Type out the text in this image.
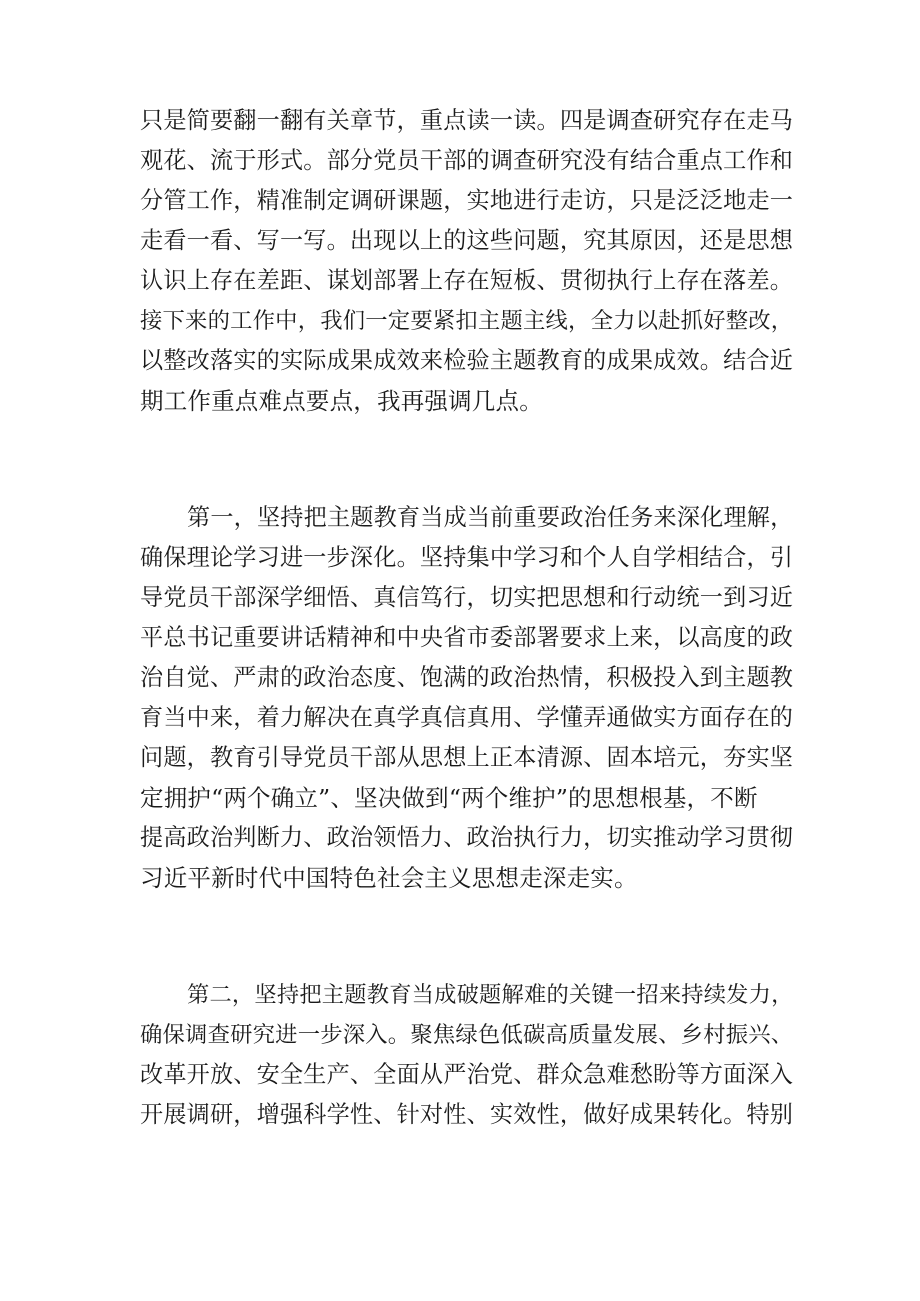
只是简要翻一翻有关章节，重点读一读。四是调查研究存在走马
观花、流于形式。部分党员干部的调查研究没有结合重点工作和
分管工作，精准制定调研课题，实地进行走访，只是泛泛地走一
走看一看、写一写。出现以上的这些问题，究其原因，还是思想
认识上存在差距、谋划部署上存在短板、贯彻执行上存在落差。
接下来的工作中，我们一定要紧扣主题主线，全力以赴抓好整改，
以整改落实的实际成果成效来检验主题教育的成果成效。结合近
期工作重点难点要点，我再强调几点。
第一，坚持把主题教育当成当前重要政治任务来深化理解，
确保理论学习进一步深化。坚持集中学习和个人自学相结合，引
导党员干部深学细悟、真信笃行，切实把思想和行动统一到习近
平总书记重要讲话精神和中央省市委部署要求上来，以高度的政
治自觉、严肃的政治态度、饱满的政治热情，积极投入到主题教
育当中来，着力解决在真学真信真用、学懂弄通做实方面存在的
问题，教育引导党员干部从思想上正本清源、固本培元，夯实坚
定拥护“两个确立”、坚决做到“两个维护”的思想根基，不断
提高政治判断力、政治领悟力、政治执行力，切实推动学习贯彻
习近平新时代中国特色社会主义思想走深走实。
第二，坚持把主题教育当成破题解难的关键一招来持续发力，
确保调查研究进一步深入。聚焦绿色低碳高质量发展、乡村振兴、
改革开放、安全生产、全面从严治党、群众急难愁盼等方面深入
开展调研，增强科学性、针对性、实效性，做好成果转化。特别
